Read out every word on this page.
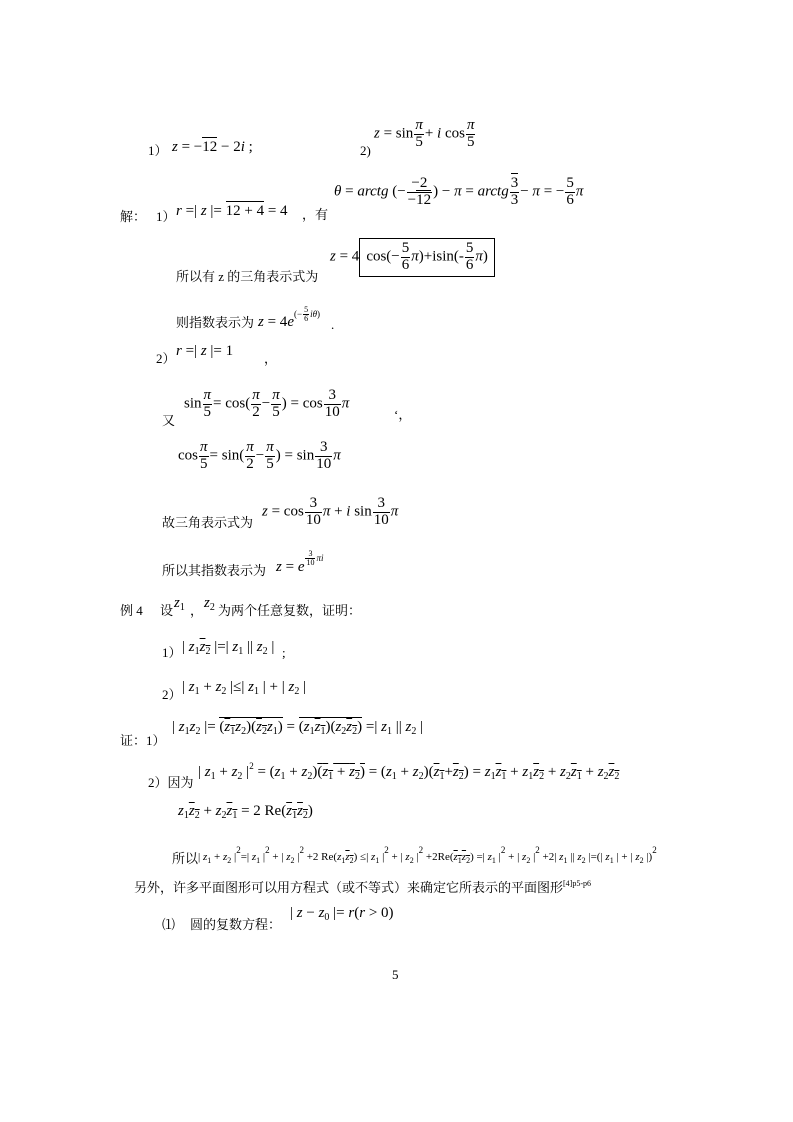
1） z = −12 − 2i ;	2)
$z = \sin \frac{\pi}{5} + i$ $\cos \frac{\pi}{5}$
解： 1） r =| z |= 12 + 4 = 4 ，有
θ = arctg (− $\frac{-2}{-12}$ ) − π = arctg $\frac{3}{3} - \pi$ = − $\frac{5}{6}$ π
所以有 z 的三角表示式为
z = 4 $\cos(- \frac{5}{6} \pi)+isin(- \frac{5}{6} \pi)$
则指数表示为 $z = 4e^{(- \frac{5}{6} i\theta)}$
.
2） r =| z |= 1 ，
又
$\sin \frac{\pi}{5} = \cos( \frac{\pi}{2} - \frac{\pi}{5}$ ) = $\cos \frac{3}{10}$ π
‘，
$\cos \frac{\pi}{5} = \sin( \frac{\pi}{2} - \frac{\pi}{5}$ ) = $\sin \frac{3}{10}$ π
故三角表示式为
$z = \cos \frac{3}{10}$ π + i $\sin \frac{3}{10}$ π
所以其指数表示为 z = e $^{\frac{3}{10} \pi i}$
例 4 设 $z_1$ ， $z_2$ 为两个任意复数，证明：
1） | $z_1z_2$ |=| $z_1$ || $z_2$ | ;
2） | $z_1 + z_2$ |≤| $z_1$ | + | $z_2$ |
证：1）
| $z_1z_2$ |= $(z_1z_2)(z_2z_1) = (z_1z_1)(z_2z_2)$ =| $z_1$ || $z_2$ |
2）因为
| $z_1 + z_2$ $|^2 = (z_1 + z_2)(z_1 + z_2) = (z_1 + z_2)(z_1+z_2) = z_1z_1 + z_1z_2 + z_2z_1 + z_2z_2$
$z_1z_2 + z_2z_1 = 2$ $Re(z_1z_2)$
所以 | $z_1 + z_2$ $|^2=|$ $z_1$ $|^2$ + | $z_2$ $|^2 +2$ $Re(z_1z_2)$ ≤| $z_1$ $|^2$ + | $z_2$ $|^2 +2Re(z_1z_2)$ =| $z_1$ $|^2$ + | $z_2$ $|^2 +2|$ $z_1$ || $z_2$ |=(| $z_1$ | + | $z_2$ |)$^2$
另外，许多平面图形可以用方程式（或不等式）来确定它所表示的平面图形$^{[4]p5-p6}$
⑴ 圆的复数方程：
| $z - z_0$ |= r(r > 0)
5
